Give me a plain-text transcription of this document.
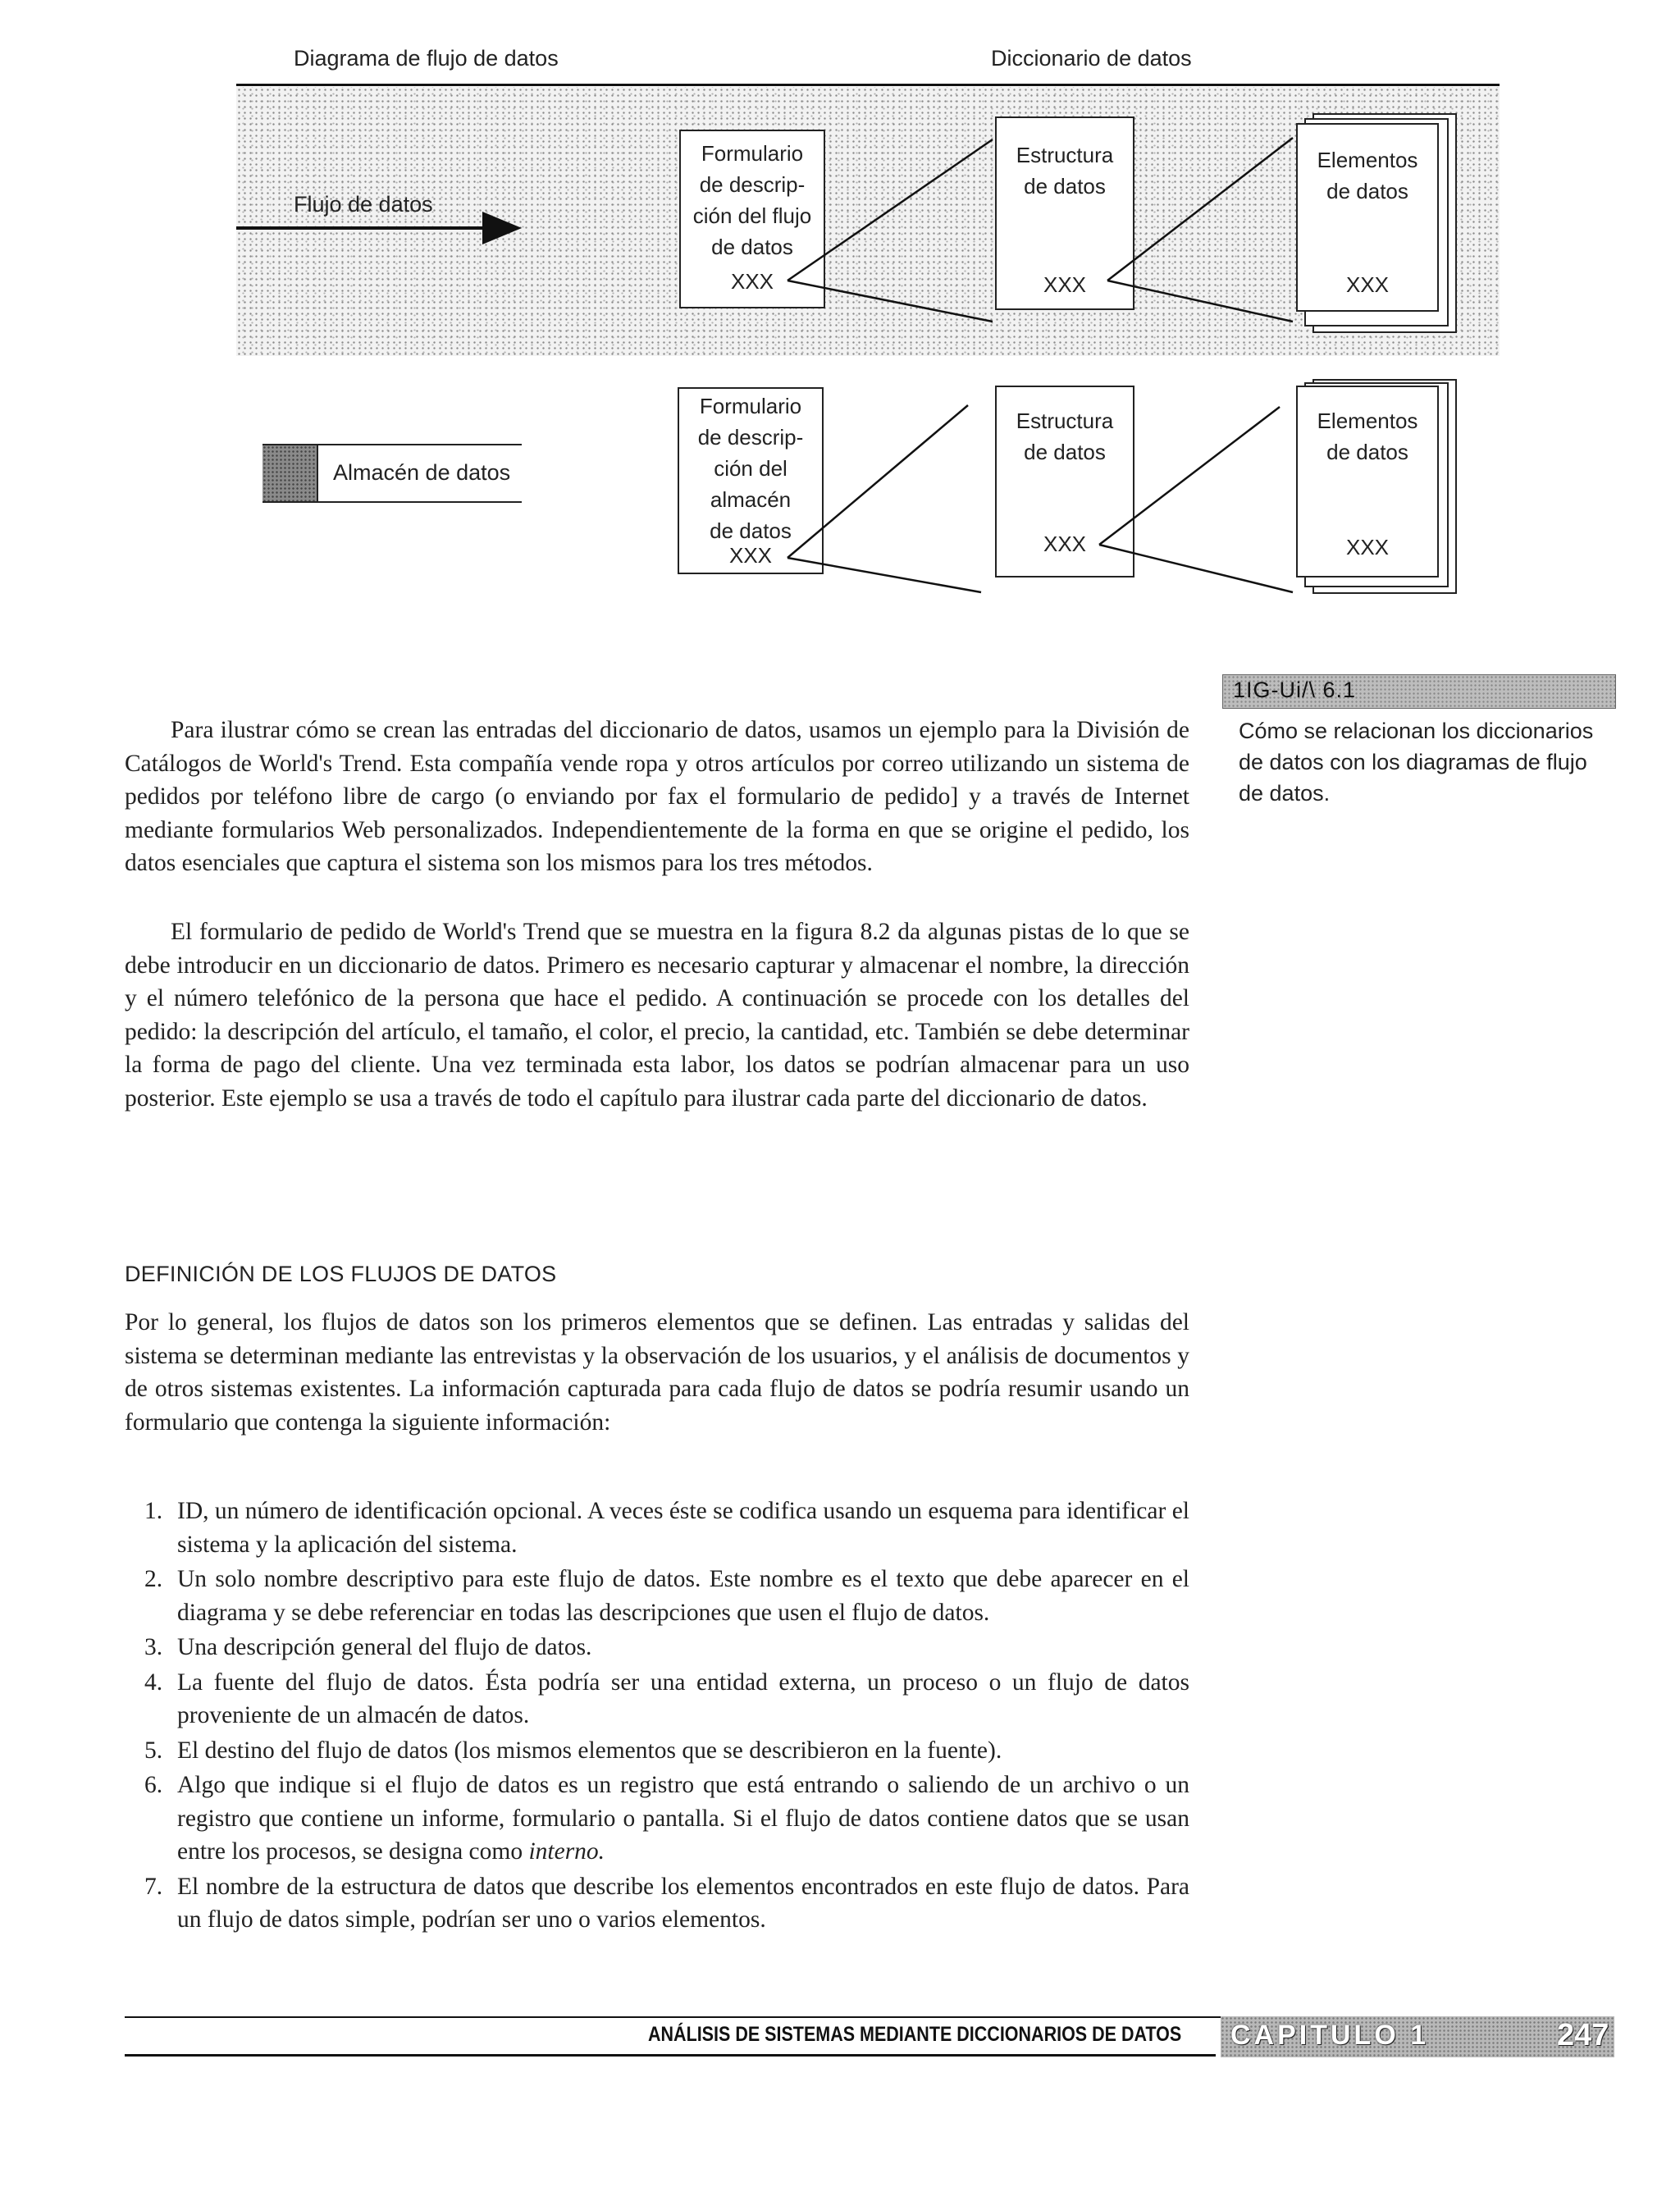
Diagrama de flujo de datos	Diccionario de datos
Flujo de datos
Almacén de datos
Formulario
de descrip-
ción del flujo
de datos
XXX
Estructura
de datos
XXX
Elementos
de datos
XXX
Formulario
de descrip-
ción del
almacén
de datos
XXX
Estructura
de datos
XXX
Elementos
de datos
XXX
1IG-Ui/\ 6.1
Cómo se relacionan los diccionarios de datos con los diagramas de flujo de datos.

Para ilustrar cómo se crean las entradas del diccionario de datos, usamos un ejemplo para la División de Catálogos de World's Trend. Esta compañía vende ropa y otros artículos por correo utilizando un sistema de pedidos por teléfono libre de cargo (o enviando por fax el formulario de pedido] y a través de Internet mediante formularios Web personalizados. Independientemente de la forma en que se origine el pedido, los datos esenciales que captura el sistema son los mismos para los tres métodos.

El formulario de pedido de World's Trend que se muestra en la figura 8.2 da algunas pistas de lo que se debe introducir en un diccionario de datos. Primero es necesario capturar y almacenar el nombre, la dirección y el número telefónico de la persona que hace el pedido. A continuación se procede con los detalles del pedido: la descripción del artículo, el tamaño, el color, el precio, la cantidad, etc. También se debe determinar la forma de pago del cliente. Una vez terminada esta labor, los datos se podrían almacenar para un uso posterior. Este ejemplo se usa a través de todo el capítulo para ilustrar cada parte del diccionario de datos.

DEFINICIÓN DE LOS FLUJOS DE DATOS

Por lo general, los flujos de datos son los primeros elementos que se definen. Las entradas y salidas del sistema se determinan mediante las entrevistas y la observación de los usuarios, y el análisis de documentos y de otros sistemas existentes. La información capturada para cada flujo de datos se podría resumir usando un formulario que contenga la siguiente información:

1. ID, un número de identificación opcional. A veces éste se codifica usando un esquema para identificar el sistema y la aplicación del sistema.
2. Un solo nombre descriptivo para este flujo de datos. Este nombre es el texto que debe aparecer en el diagrama y se debe referenciar en todas las descripciones que usen el flujo de datos.
3. Una descripción general del flujo de datos.
4. La fuente del flujo de datos. Ésta podría ser una entidad externa, un proceso o un flujo de datos proveniente de un almacén de datos.
5. El destino del flujo de datos (los mismos elementos que se describieron en la fuente).
6. Algo que indique si el flujo de datos es un registro que está entrando o saliendo de un archivo o un registro que contiene un informe, formulario o pantalla. Si el flujo de datos contiene datos que se usan entre los procesos, se designa como interno.
7. El nombre de la estructura de datos que describe los elementos encontrados en este flujo de datos. Para un flujo de datos simple, podrían ser uno o varios elementos.
ANÁLISIS DE SISTEMAS MEDIANTE DICCIONARIOS DE DATOS CAPITULO 1	247
